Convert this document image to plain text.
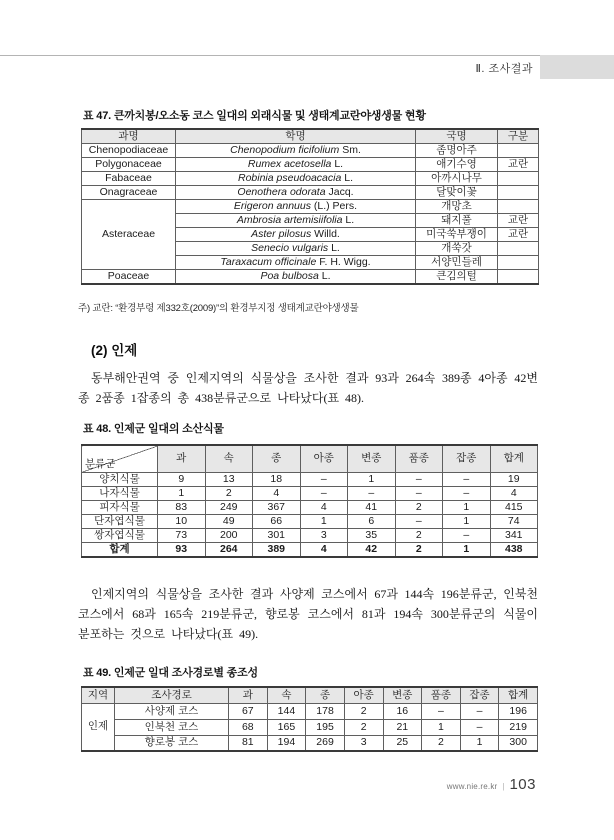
Ⅱ. 조사결과
표 47. 큰까치봉/오소동 코스 일대의 외래식물 및 생태계교란야생생물 현황
과명	학명	국명	구분
Chenopodiaceae	Chenopodium ficifolium Sm.	좀명아주	
Polygonaceae	Rumex acetosella L.	애기수영	교란
Fabaceae	Robinia pseudoacacia L.	아까시나무	
Onagraceae	Oenothera odorata Jacq.	달맞이꽃	
Asteraceae	Erigeron annuus (L.) Pers.	개망초	
	Ambrosia artemisiifolia L.	돼지풀	교란
	Aster pilosus Willd.	미국쑥부쟁이	교란
	Senecio vulgaris L.	개쑥갓	
	Taraxacum officinale F. H. Wigg.	서양민들레	
Poaceae	Poa bulbosa L.	큰김의털	
주) 교란: “환경부령 제332호(2009)”의 환경부지정 생태계교란야생생물
(2) 인제
동부해안권역 중 인제지역의 식물상을 조사한 결과 93과 264속 389종 4아종 42변종 2품종 1잡종의 총 438분류군으로 나타났다(표 48).
표 48. 인제군 일대의 소산식물
분류군	과	속	종	아종	변종	품종	잡종	합계
양치식물	9	13	18	–	1	–	–	19
나자식물	1	2	4	–	–	–	–	4
피자식물	83	249	367	4	41	2	1	415
단자엽식물	10	49	66	1	6	–	1	74
쌍자엽식물	73	200	301	3	35	2	–	341
합계	93	264	389	4	42	2	1	438
인제지역의 식물상을 조사한 결과 사양제 코스에서 67과 144속 196분류군, 인북천 코스에서 68과 165속 219분류군, 향로봉 코스에서 81과 194속 300분류군의 식물이 분포하는 것으로 나타났다(표 49).
표 49. 인제군 일대 조사경로별 종조성
지역	조사경로	과	속	종	아종	변종	품종	잡종	합계
인제	사양제 코스	67	144	178	2	16	–	–	196
	인북천 코스	68	165	195	2	21	1	–	219
	향로봉 코스	81	194	269	3	25	2	1	300
www.nie.re.kr | 103
